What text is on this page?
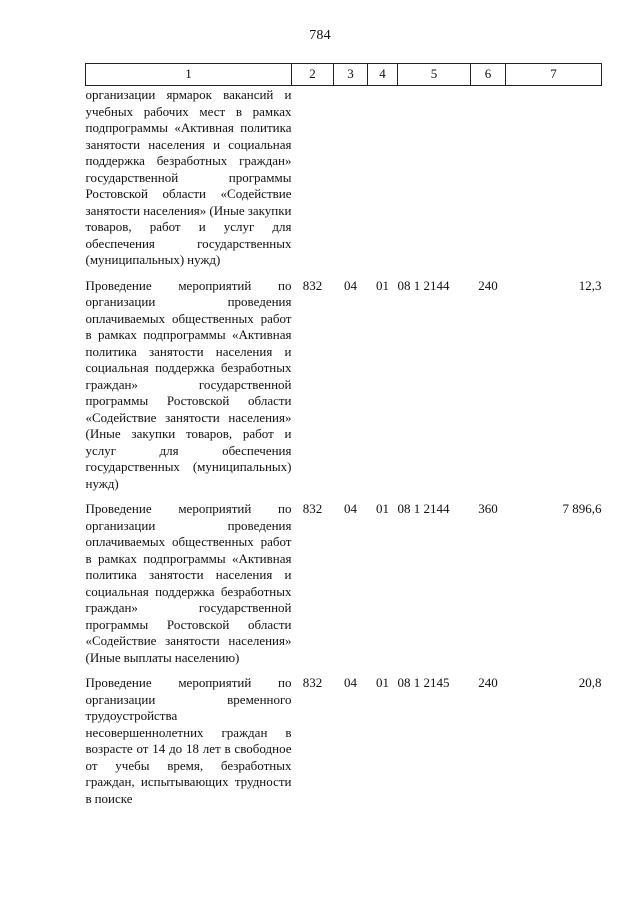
784
1	2	3	4	5	6	7
организации ярмарок вакансий и учебных рабочих мест в рамках подпрограммы «Активная политика занятости населения и социальная поддержка безработных граждан» государственной программы Ростовской области «Содействие занятости населения» (Иные закупки товаров, работ и услуг для обеспечения государственных (муниципальных) нужд)						
Проведение мероприятий по организации проведения оплачиваемых общественных работ в рамках подпрограммы «Активная политика занятости населения и социальная поддержка безработных граждан» государственной программы Ростовской области «Содействие занятости населения» (Иные закупки товаров, работ и услуг для обеспечения государственных (муниципальных) нужд)	832	04	01	08 1 2144	240	12,3
Проведение мероприятий по организации проведения оплачиваемых общественных работ в рамках подпрограммы «Активная политика занятости населения и социальная поддержка безработных граждан» государственной программы Ростовской области «Содействие занятости населения» (Иные выплаты населению)	832	04	01	08 1 2144	360	7 896,6
Проведение мероприятий по организации временного трудоустройства несовершеннолетних граждан в возрасте от 14 до 18 лет в свободное от учебы время, безработных граждан, испытывающих трудности в поиске	832	04	01	08 1 2145	240	20,8
